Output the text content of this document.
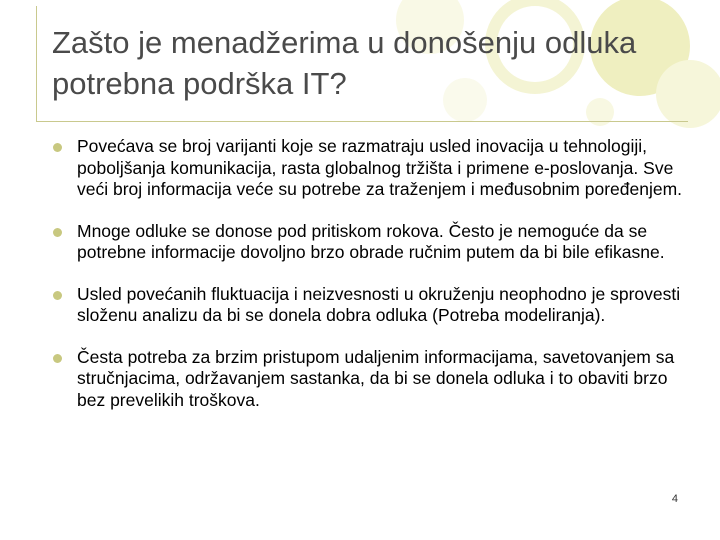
Zašto je menadžerima u donošenju odluka potrebna podrška IT?
Povećava se broj varijanti koje se razmatraju usled inovacija u tehnologiji, poboljšanja komunikacija, rasta globalnog tržišta i primene e-poslovanja. Sve veći broj informacija veće su potrebe za traženjem i međusobnim poređenjem.
Mnoge odluke se donose pod pritiskom rokova. Često je nemoguće da se potrebne informacije dovoljno brzo obrade ručnim putem da bi bile efikasne.
Usled povećanih fluktuacija i neizvesnosti u okruženju neophodno je sprovesti složenu analizu da bi se donela dobra odluka (Potreba modeliranja).
Česta potreba za brzim pristupom udaljenim informacijama, savetovanjem sa stručnjacima, održavanjem sastanka, da bi se donela odluka i to obaviti brzo bez prevelikih troškova.
4
